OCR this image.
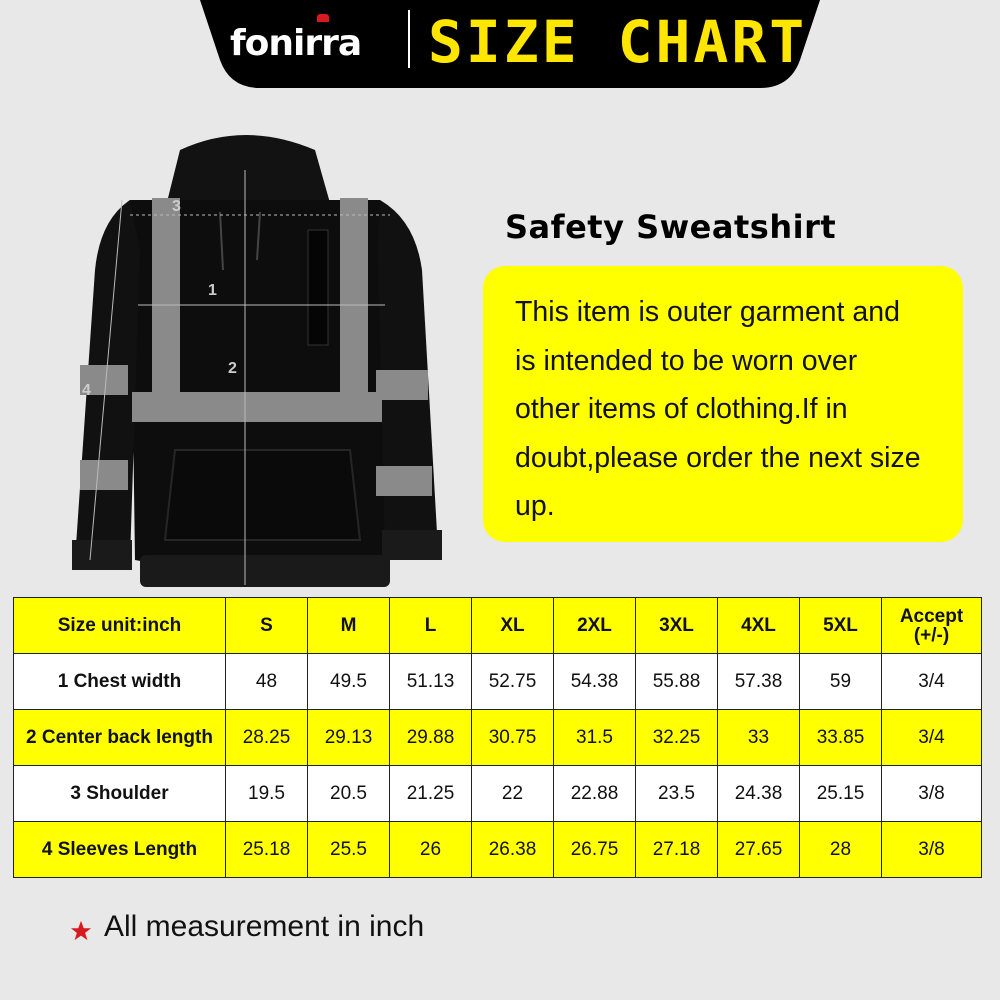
fonirra	SIZE CHART
3
1
2
4
Safety Sweatshirt

This item is outer garment and
is intended to be worn over
other items of clothing.If in
doubt,please order the next size
up.

Size unit:inch	S	M	L	XL	2XL	3XL	4XL	5XL	Accept
(+/-)
1 Chest width	48	49.5	51.13	52.75	54.38	55.88	57.38	59	3/4
2 Center back length	28.25	29.13	29.88	30.75	31.5	32.25	33	33.85	3/4
3 Shoulder	19.5	20.5	21.25	22	22.88	23.5	24.38	25.15	3/8
4 Sleeves Length	25.18	25.5	26	26.38	26.75	27.18	27.65	28	3/8
All measurement in inch
